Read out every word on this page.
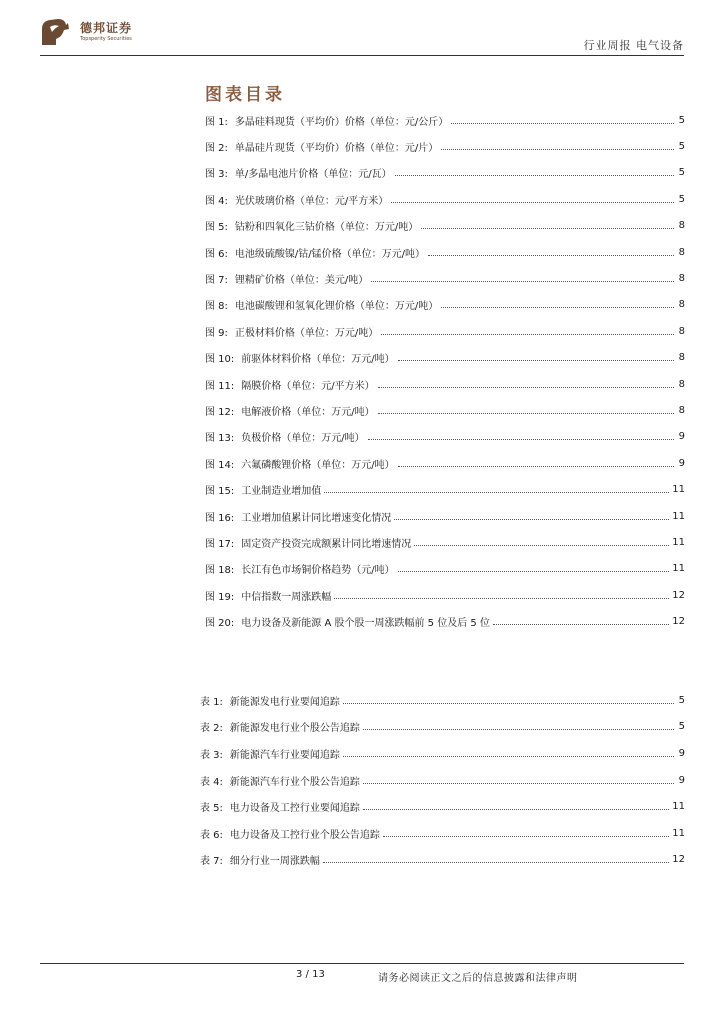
德邦证券
Topsperity Securities	行业周报 电气设备
图表目录
图 1: 多晶硅料现货（平均价）价格（单位：元/公斤）	5
图 2: 单晶硅片现货（平均价）价格（单位：元/片）	5
图 3: 单/多晶电池片价格（单位：元/瓦）	5
图 4: 光伏玻璃价格（单位：元/平方米）	5
图 5: 钴粉和四氧化三钴价格（单位：万元/吨）	8
图 6: 电池级硫酸镍/钴/锰价格（单位：万元/吨）	8
图 7: 锂精矿价格（单位：美元/吨）	8
图 8: 电池碳酸锂和氢氧化锂价格（单位：万元/吨）	8
图 9: 正极材料价格（单位：万元/吨）	8
图 10: 前驱体材料价格（单位：万元/吨）	8
图 11: 隔膜价格（单位：元/平方米）	8
图 12: 电解液价格（单位：万元/吨）	8
图 13: 负极价格（单位：万元/吨）	9
图 14: 六氟磷酸锂价格（单位：万元/吨）	9
图 15: 工业制造业增加值	11
图 16: 工业增加值累计同比增速变化情况	11
图 17: 固定资产投资完成额累计同比增速情况	11
图 18: 长江有色市场铜价格趋势（元/吨）	11
图 19: 中信指数一周涨跌幅	12
图 20: 电力设备及新能源 A 股个股一周涨跌幅前 5 位及后 5 位	12
表 1: 新能源发电行业要闻追踪	5
表 2: 新能源发电行业个股公告追踪	5
表 3: 新能源汽车行业要闻追踪	9
表 4: 新能源汽车行业个股公告追踪	9
表 5: 电力设备及工控行业要闻追踪	11
表 6: 电力设备及工控行业个股公告追踪	11
表 7: 细分行业一周涨跌幅	12
3 / 13	请务必阅读正文之后的信息披露和法律声明
